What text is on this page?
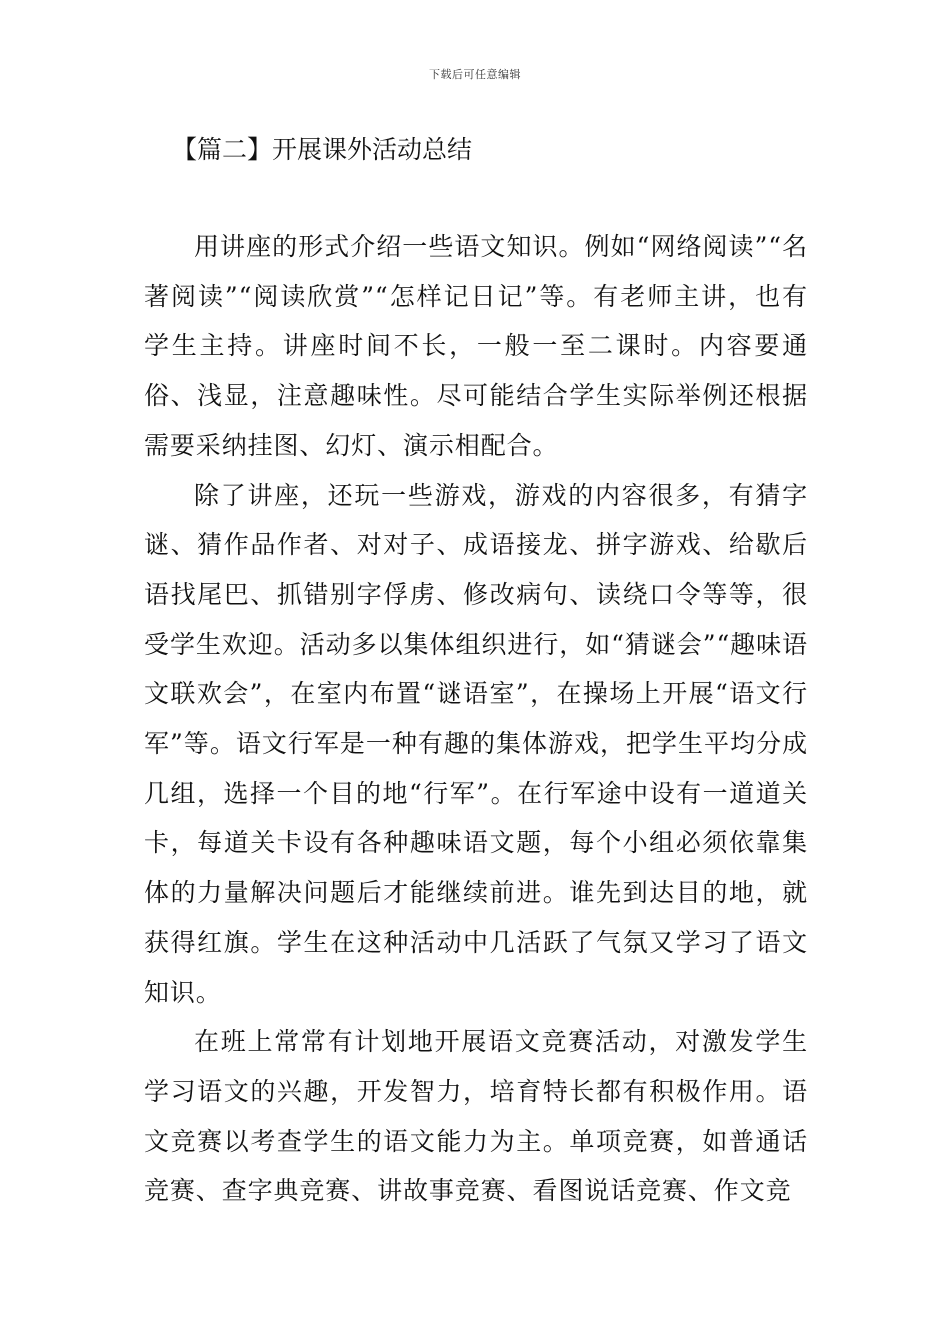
下载后可任意编辑
【篇二】开展课外活动总结

用讲座的形式介绍一些语文知识。例如“网络阅读”“名著阅读”“阅读欣赏”“怎样记日记”等。有老师主讲，也有学生主持。讲座时间不长，一般一至二课时。内容要通俗、浅显，注意趣味性。尽可能结合学生实际举例还根据需要采纳挂图、幻灯、演示相配合。

除了讲座，还玩一些游戏，游戏的内容很多，有猜字谜、猜作品作者、对对子、成语接龙、拼字游戏、给歇后语找尾巴、抓错别字俘虏、修改病句、读绕口令等等，很受学生欢迎。活动多以集体组织进行，如“猜谜会”“趣味语文联欢会”，在室内布置“谜语室”，在操场上开展“语文行军”等。语文行军是一种有趣的集体游戏，把学生平均分成几组，选择一个目的地“行军”。在行军途中设有一道道关卡，每道关卡设有各种趣味语文题，每个小组必须依靠集体的力量解决问题后才能继续前进。谁先到达目的地，就获得红旗。学生在这种活动中几活跃了气氛又学习了语文知识。

在班上常常有计划地开展语文竞赛活动，对激发学生学习语文的兴趣，开发智力，培育特长都有积极作用。语文竞赛以考查学生的语文能力为主。单项竞赛，如普通话竞赛、查字典竞赛、讲故事竞赛、看图说话竞赛、作文竞
